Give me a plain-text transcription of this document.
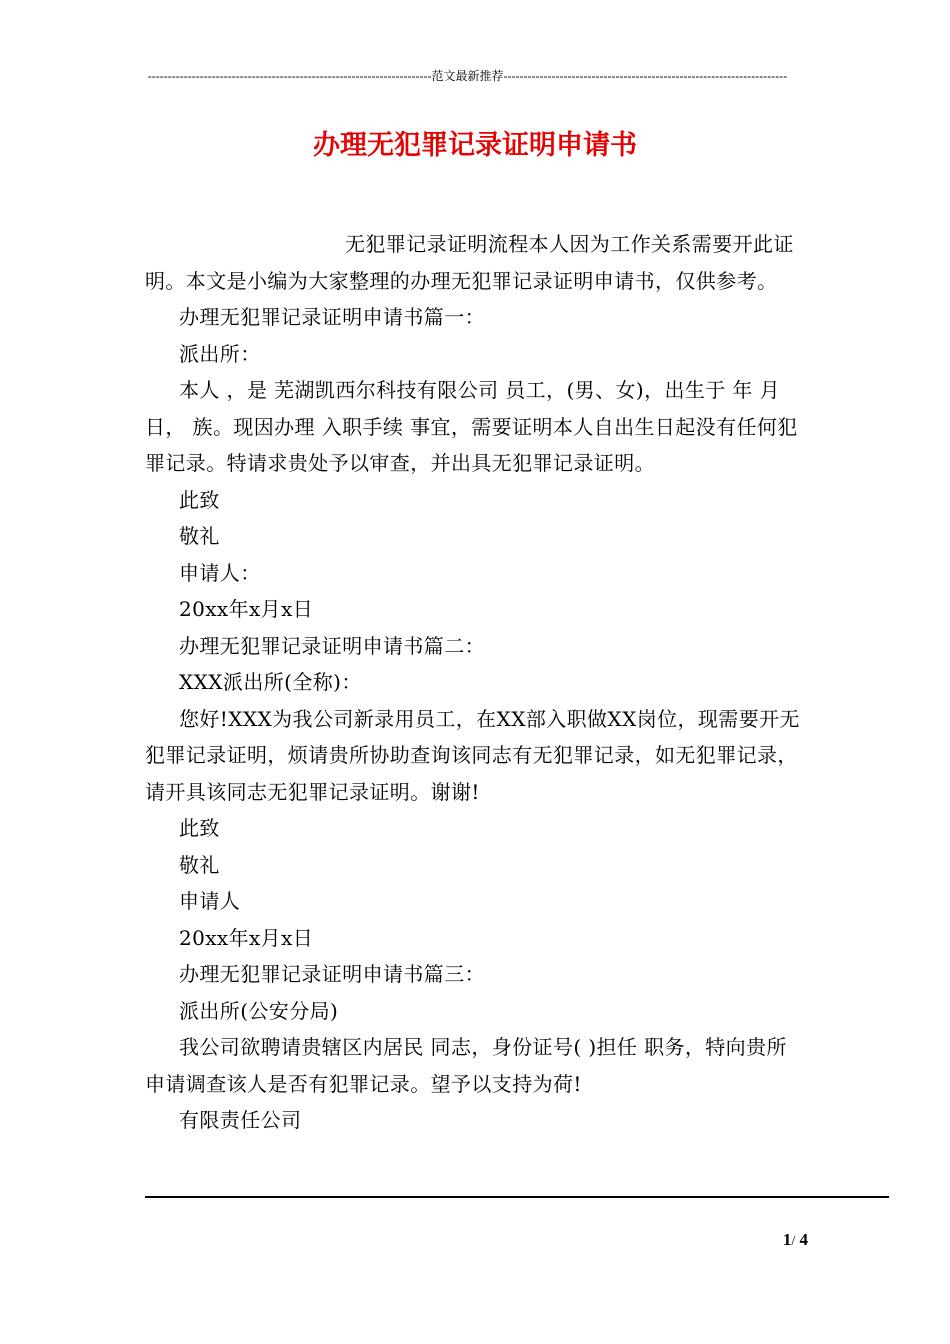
-----------------------------------------------------------------------范文最新推荐-----------------------------------------------------------------------
办理无犯罪记录证明申请书

无犯罪记录证明流程本人因为工作关系需要开此证明。本文是小编为大家整理的办理无犯罪记录证明申请书，仅供参考。

办理无犯罪记录证明申请书篇一：

派出所：

本人 ，是 芜湖凯西尔科技有限公司 员工，(男、女)，出生于 年 月 日， 族。现因办理 入职手续 事宜，需要证明本人自出生日起没有任何犯罪记录。特请求贵处予以审查，并出具无犯罪记录证明。

此致

敬礼

申请人：

20xx年x月x日

办理无犯罪记录证明申请书篇二：

XXX派出所(全称)：

您好!XXX为我公司新录用员工，在XX部入职做XX岗位，现需要开无犯罪记录证明，烦请贵所协助查询该同志有无犯罪记录，如无犯罪记录，请开具该同志无犯罪记录证明。谢谢!

此致

敬礼

申请人

20xx年x月x日

办理无犯罪记录证明申请书篇三：

派出所(公安分局)

我公司欲聘请贵辖区内居民 同志，身份证号( )担任 职务，特向贵所申请调查该人是否有犯罪记录。望予以支持为荷!

有限责任公司

1/ 4
